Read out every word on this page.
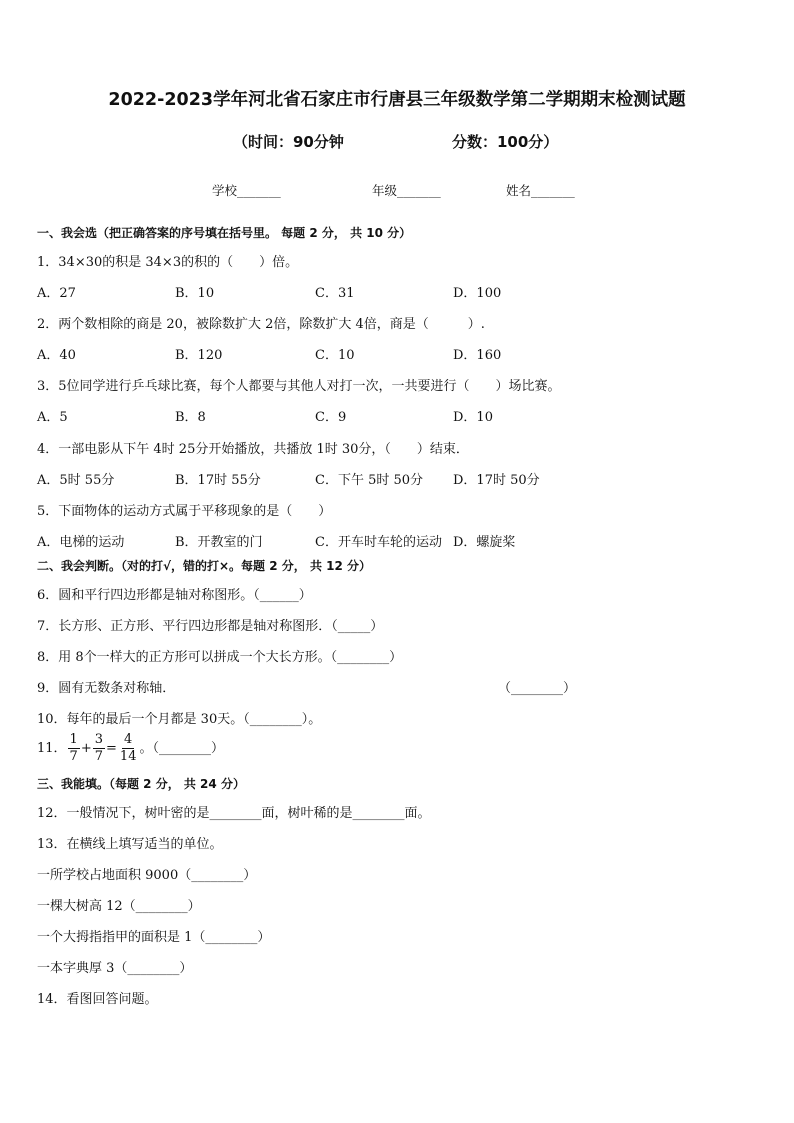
2022-2023学年河北省石家庄市行唐县三年级数学第二学期期末检测试题
（时间：90分钟	分数：100分）
学校_______	年级_______	姓名_______
一、我会选（把正确答案的序号填在括号里。 每题 2 分， 共 10 分）
1．34×30的积是 34×3的积的（　　）倍。
A．27	B．10	C．31	D．100
2．两个数相除的商是 20，被除数扩大 2倍，除数扩大 4倍，商是（　　　）.
A．40	B．120	C．10	D．160
3．5位同学进行乒乓球比赛，每个人都要与其他人对打一次，一共要进行（　　）场比赛。
A．5	B．8	C．9	D．10
4．一部电影从下午 4时 25分开始播放，共播放 1时 30分，（　　）结束．
A．5时 55分	B．17时 55分	C．下午 5时 50分 D．17时 50分
5．下面物体的运动方式属于平移现象的是（　　）
A．电梯的运动	B．开教室的门	C．开车时车轮的运动 D．螺旋桨
二、我会判断。（对的打√，错的打×。每题 2 分， 共 12 分）
6．圆和平行四边形都是轴对称图形。（______）
7．长方形、正方形、平行四边形都是轴对称图形．（_____）
8．用 8个一样大的正方形可以拼成一个大长方形。（________）
9．圆有无数条对称轴．	（________）
10．每年的最后一个月都是 30天。（________）。
11． $\frac{1}{7} + \frac{3}{7} = \frac{4}{14}$ 。（________）
三、我能填。（每题 2 分， 共 24 分）
12．一般情况下，树叶密的是________面，树叶稀的是________面。
13．在横线上填写适当的单位。
一所学校占地面积 9000（________）
一棵大树高 12（________）
一个大拇指指甲的面积是 1（________）
一本字典厚 3（________）
14．看图回答问题。
